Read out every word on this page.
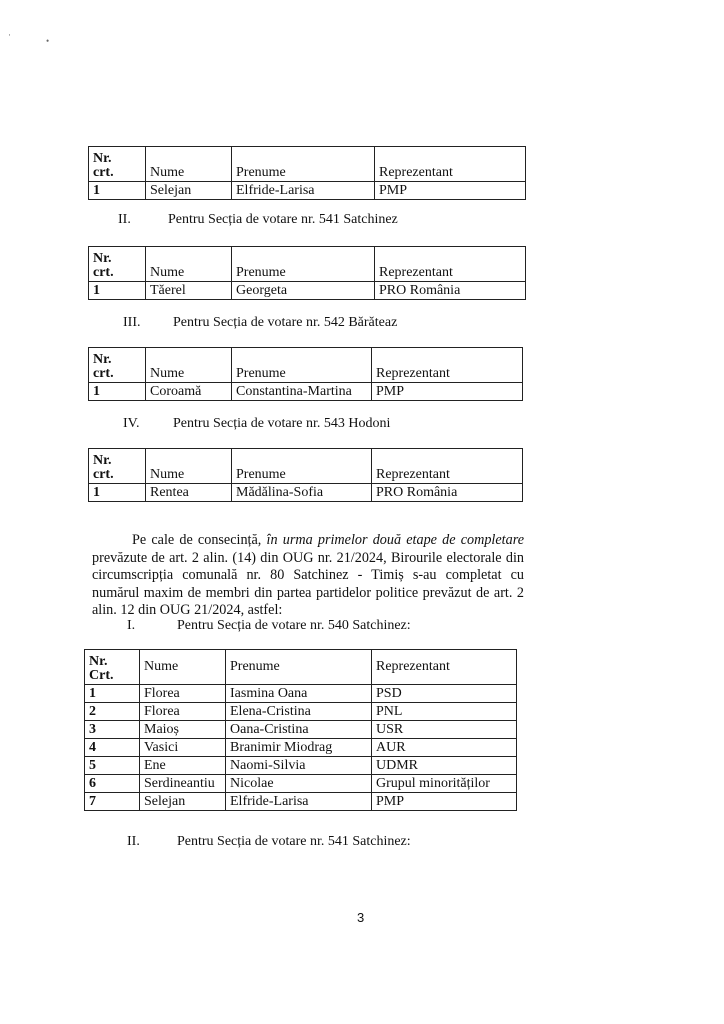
·
•
Nr.
crt.	Nume	Prenume	Reprezentant
1	Selejan	Elfride-Larisa	PMP
II.	Pentru Secția de votare nr. 541 Satchinez
Nr.
crt.	Nume	Prenume	Reprezentant
1	Tăerel	Georgeta	PRO România
III. Pentru Secția de votare nr. 542 Bărăteaz
Nr.
crt.	Nume	Prenume	Reprezentant
1	Coroamă	Constantina-Martina	PMP
IV. Pentru Secția de votare nr. 543 Hodoni
Nr.
crt.	Nume	Prenume	Reprezentant
1	Rentea	Mădălina-Sofia	PRO România
Pe cale de consecință, în urma primelor două etape de completare prevăzute de art. 2 alin. (14) din OUG nr. 21/2024, Birourile electorale din circumscripția comunală nr. 80 Satchinez - Timiș s-au completat cu numărul maxim de membri din partea partidelor politice prevăzut de art. 2 alin. 12 din OUG 21/2024, astfel:
I.	Pentru Secția de votare nr. 540 Satchinez:
Nr.
Crt.	Nume	Prenume	Reprezentant
1	Florea	Iasmina Oana	PSD
2	Florea	Elena-Cristina	PNL
3	Maioș	Oana-Cristina	USR
4	Vasici	Branimir Miodrag	AUR
5	Ene	Naomi-Silvia	UDMR
6	Serdineantiu	Nicolae	Grupul minorităților
7	Selejan	Elfride-Larisa	PMP
II.	Pentru Secția de votare nr. 541 Satchinez:
3
